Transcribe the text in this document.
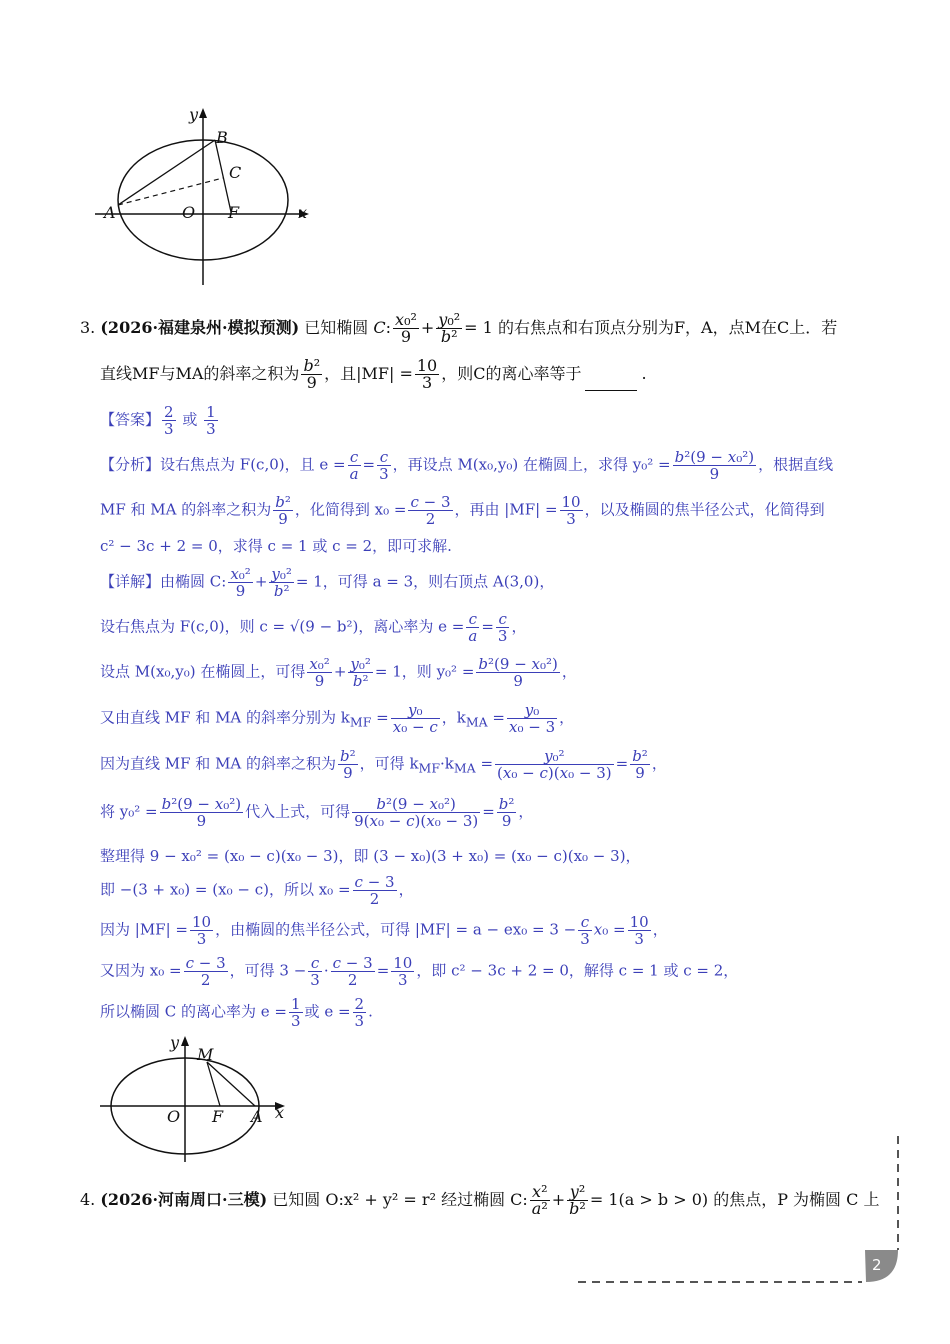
y
B
C
A	O F	x
3. (2026·福建泉州·模拟预测) 已知椭圆 C: $\frac{\text{x₀²}}{9} + \frac{\text{y₀²}}{\text{b²}} = 1$ 的右焦点和右顶点分别为F，A，点M在C上．若
直线MF与MA的斜率之积为 $\frac{\text{b²}}{9}$ ，且$|MF| = \frac{10}{3}$ ，则C的离心率等于	.
【答案】 $\frac{2}{3}$ 或 $\frac{1}{3}$
【分析】设右焦点为 F(c,0)，且 $e = \frac{c}{a} = \frac{c}{3}$ ，再设点 M(x₀,y₀) 在椭圆上，求得 $y_0^2 = \frac{\text{b²(9 − x₀²)}}{9}$ ，根据直线
MF 和 MA 的斜率之积为 $\frac{\text{b²}}{9}$ ，化简得到 $x_0 = \frac{c - 3}{2}$ ，再由 $|MF| = \frac{10}{3}$ ，以及椭圆的焦半径公式，化简得到
c² − 3c + 2 = 0，求得 c = 1 或 c = 2，即可求解.
【详解】由椭圆 C: $\frac{\text{x₀²}}{9} + \frac{\text{y₀²}}{\text{b²}} = 1$，可得 a = 3，则右顶点 A(3,0)，
设右焦点为 F(c,0)，则 c = √(9 − b²)，离心率为 $e = \frac{c}{a} = \frac{c}{3}$ ，
设点 M(x₀,y₀) 在椭圆上，可得 $\frac{\text{x₀²}}{9} + \frac{\text{y₀²}}{\text{b²}} = 1$，则 $y_0^2 = \frac{\text{b²(9 − x₀²)}}{9}$ ，
又由直线 MF 和 MA 的斜率分别为 $k_{MF} = \frac{\text{y₀}}{\text{x₀ − c}}$ ，$k_{MA} = \frac{\text{y₀}}{\text{x₀ − 3}}$ ，
因为直线 MF 和 MA 的斜率之积为 $\frac{\text{b²}}{9}$ ，可得 $k_{MF}\cdot k_{MA} = \frac{\text{y₀²}}{\text{(x₀ − c)(x₀ − 3)}} = \frac{\text{b²}}{9}$ ，
将 $y_0^2 = \frac{\text{b²(9 − x₀²)}}{9}$ 代入上式，可得 $\frac{\text{b²(9 − x₀²)}}{\text{9(x₀ − c)(x₀ − 3)}} = \frac{\text{b²}}{9}$ ，
整理得 9 − x₀² = (x₀ − c)(x₀ − 3)，即 (3 − x₀)(3 + x₀) = (x₀ − c)(x₀ − 3)，
即 −(3 + x₀) = (x₀ − c)，所以 $x_0 = \frac{c - 3}{2}$ ，
因为 $|MF| = \frac{10}{3}$ ，由椭圆的焦半径公式，可得 $|MF| = a - ex_0 = 3 - \frac{c}{3} x_0 = \frac{10}{3}$ ，
又因为 $x_0 = \frac{c - 3}{2}$ ，可得 $3 - \frac{c}{3} \cdot \frac{c - 3}{2} = \frac{10}{3}$ ，即 c² − 3c + 2 = 0，解得 c = 1 或 c = 2，
所以椭圆 C 的离心率为 $e = \frac{1}{3}$ 或 $e = \frac{2}{3}$ .
y
M
O F A x
4. (2026·河南周口·三模) 已知圆 O:x² + y² = r² 经过椭圆 C: $\frac{\text{x²}}{\text{a²}} + \frac{\text{y²}}{\text{b²}} = 1(a > b > 0)$ 的焦点，P 为椭圆 C 上
2
